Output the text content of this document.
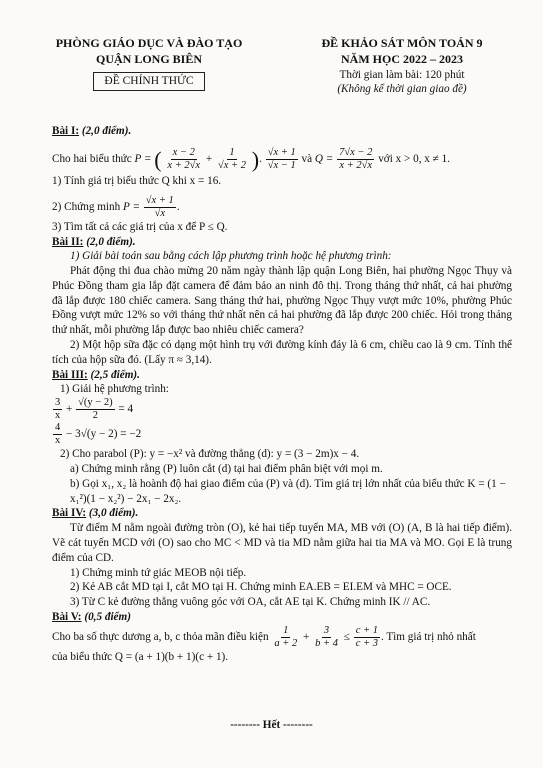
PHÒNG GIÁO DỤC VÀ ĐÀO TẠO
QUẬN LONG BIÊN
ĐỀ CHÍNH THỨC
ĐỀ KHẢO SÁT MÔN TOÁN 9
NĂM HỌC 2022 – 2023
Thời gian làm bài: 120 phút
(Không kể thời gian giao đề)

Bài I: (2,0 điểm).

Cho hai biểu thức P = ( $\frac{x - 2}{x + 2√x} + \frac{1}{√x + 2}$ ). $\frac{√x + 1}{√x - 1}$ và $Q = \frac{7√x - 2}{x + 2√x}$ với x > 0, x ≠ 1.

1) Tính giá trị biểu thức Q khi x = 16.

2) Chứng minh $P = \frac{√x + 1}{√x}$ .

3) Tìm tất cả các giá trị của x để P ≤ Q.

Bài II: (2,0 điểm).

1) Giải bài toán sau bằng cách lập phương trình hoặc hệ phương trình:

Phát động thi đua chào mừng 20 năm ngày thành lập quận Long Biên, hai phường Ngọc Thụy và Phúc Đồng tham gia lắp đặt camera để đảm bảo an ninh đô thị. Trong tháng thứ nhất, cả hai phường đã lắp được 180 chiếc camera. Sang tháng thứ hai, phường Ngọc Thụy vượt mức 10%, phường Phúc Đồng vượt mức 12% so với tháng thứ nhất nên cả hai phường đã lắp được 200 chiếc. Hỏi trong tháng thứ nhất, mỗi phường lắp được bao nhiêu chiếc camera?

2) Một hộp sữa đặc có dạng một hình trụ với đường kính đáy là 6 cm, chiều cao là 9 cm. Tính thể tích của hộp sữa đó. (Lấy π ≈ 3,14).

Bài III: (2,5 điểm).

1) Giải hệ phương trình:

$\frac{3}{x} + \frac{√(y - 2)}{2} = 4$
$\frac{4}{x} - 3√(y - 2) = -2$

2) Cho parabol (P): y = −x² và đường thẳng (d): y = (3 − 2m)x − 4.

a) Chứng minh rằng (P) luôn cắt (d) tại hai điểm phân biệt với mọi m.

b) Gọi x₁, x₂ là hoành độ hai giao điểm của (P) và (d). Tìm giá trị lớn nhất của biểu thức K = (1 − x₁²)(1 − x₂²) − 2x₁ − 2x₂.

Bài IV: (3,0 điểm).

Từ điểm M nằm ngoài đường tròn (O), kẻ hai tiếp tuyến MA, MB với (O) (A, B là hai tiếp điểm). Vẽ cát tuyến MCD với (O) sao cho MC < MD và tia MD nằm giữa hai tia MA và MO. Gọi E là trung điểm của CD.

1) Chứng minh tứ giác MEOB nội tiếp.

2) Kẻ AB cắt MD tại I, cắt MO tại H. Chứng minh EA.EB = EI.EM và MHC = OCE.

3) Từ C kẻ đường thẳng vuông góc với OA, cắt AE tại K. Chứng minh IK // AC.

Bài V: (0,5 điểm)

Cho ba số thực dương a, b, c thỏa mãn điều kiện $\frac{1}{a + 2} + \frac{3}{b + 4} \le \frac{c + 1}{c + 3}$ . Tìm giá trị nhỏ nhất

của biểu thức Q = (a + 1)(b + 1)(c + 1).

-------- Hết --------
